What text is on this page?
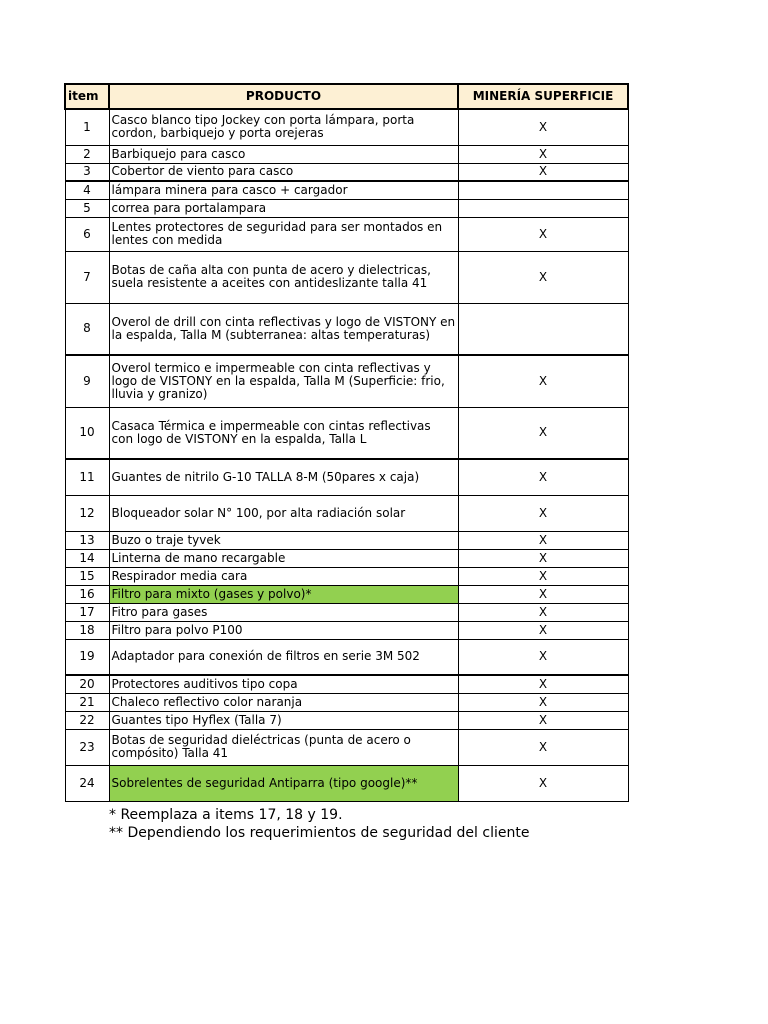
item	PRODUCTO	MINERÍA SUPERFICIE
1	Casco blanco tipo Jockey con porta lámpara, porta cordon, barbiquejo y porta orejeras	X
2	Barbiquejo para casco	X
3	Cobertor de viento para casco	X
4	lámpara minera para casco + cargador	
5	correa para portalampara	
6	Lentes protectores de seguridad para ser montados en lentes con medida	X
7	Botas de caña alta con punta de acero y dielectricas, suela resistente a aceites con antideslizante talla 41	X
8	Overol de drill con cinta reflectivas y logo de VISTONY en la espalda, Talla M (subterranea: altas temperaturas)	
9	Overol termico e impermeable con cinta reflectivas y logo de VISTONY en la espalda, Talla M (Superficie: frio, lluvia y granizo)	X
10	Casaca Térmica e impermeable con cintas reflectivas con logo de VISTONY en la espalda, Talla L	X
11	Guantes de nitrilo G-10 TALLA 8-M (50pares x caja)	X
12	Bloqueador solar N° 100, por alta radiación solar	X
13	Buzo o traje tyvek	X
14	Linterna de mano recargable	X
15	Respirador media cara	X
16	Filtro para mixto (gases y polvo)*	X
17	Fitro para gases	X
18	Filtro para polvo P100	X
19	Adaptador para conexión de filtros en serie 3M 502	X
20	Protectores auditivos tipo copa	X
21	Chaleco reflectivo color naranja	X
22	Guantes tipo Hyflex (Talla 7)	X
23	Botas de seguridad dieléctricas (punta de acero o compósito) Talla 41	X
24	Sobrelentes de seguridad Antiparra (tipo google)**	X
* Reemplaza a items 17, 18 y 19.
** Dependiendo los requerimientos de seguridad del cliente
